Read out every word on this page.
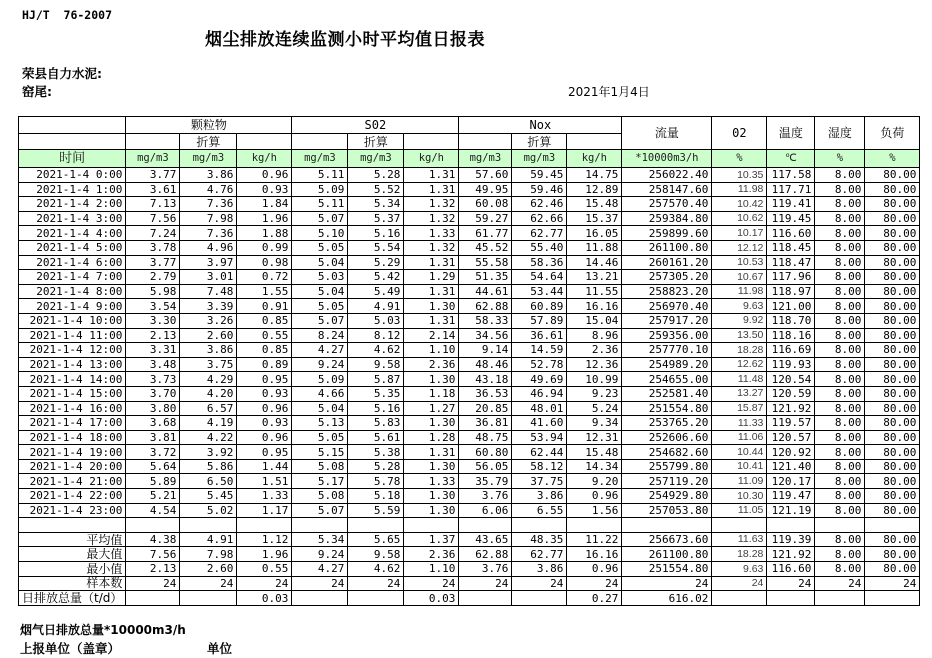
HJ/T  76-2007
烟尘排放连续监测小时平均值日报表
荣县自力水泥:
窑尾:	2021年1月4日
	颗粒物			S02			Nox			流量	02	温度	湿度	负荷
		折算			折算			折算						
时间	mg/m3	mg/m3	kg/h	mg/m3	mg/m3	kg/h	mg/m3	mg/m3	kg/h	*10000m3/h	%	℃	%	%
2021-1-4 0:00	3.77	3.86	0.96	5.11	5.28	1.31	57.60	59.45	14.75	256022.40	10.35	117.58	8.00	80.00
2021-1-4 1:00	3.61	4.76	0.93	5.09	5.52	1.31	49.95	59.46	12.89	258147.60	11.98	117.71	8.00	80.00
2021-1-4 2:00	7.13	7.36	1.84	5.11	5.34	1.32	60.08	62.46	15.48	257570.40	10.42	119.41	8.00	80.00
2021-1-4 3:00	7.56	7.98	1.96	5.07	5.37	1.32	59.27	62.66	15.37	259384.80	10.62	119.45	8.00	80.00
2021-1-4 4:00	7.24	7.36	1.88	5.10	5.16	1.33	61.77	62.77	16.05	259899.60	10.17	116.60	8.00	80.00
2021-1-4 5:00	3.78	4.96	0.99	5.05	5.54	1.32	45.52	55.40	11.88	261100.80	12.12	118.45	8.00	80.00
2021-1-4 6:00	3.77	3.97	0.98	5.04	5.29	1.31	55.58	58.36	14.46	260161.20	10.53	118.47	8.00	80.00
2021-1-4 7:00	2.79	3.01	0.72	5.03	5.42	1.29	51.35	54.64	13.21	257305.20	10.67	117.96	8.00	80.00
2021-1-4 8:00	5.98	7.48	1.55	5.04	5.49	1.31	44.61	53.44	11.55	258823.20	11.98	118.97	8.00	80.00
2021-1-4 9:00	3.54	3.39	0.91	5.05	4.91	1.30	62.88	60.89	16.16	256970.40	9.63	121.00	8.00	80.00
2021-1-4 10:00	3.30	3.26	0.85	5.07	5.03	1.31	58.33	57.89	15.04	257917.20	9.92	118.70	8.00	80.00
2021-1-4 11:00	2.13	2.60	0.55	8.24	8.12	2.14	34.56	36.61	8.96	259356.00	13.50	118.16	8.00	80.00
2021-1-4 12:00	3.31	3.86	0.85	4.27	4.62	1.10	9.14	14.59	2.36	257770.10	18.28	116.69	8.00	80.00
2021-1-4 13:00	3.48	3.75	0.89	9.24	9.58	2.36	48.46	52.78	12.36	254989.20	12.62	119.93	8.00	80.00
2021-1-4 14:00	3.73	4.29	0.95	5.09	5.87	1.30	43.18	49.69	10.99	254655.00	11.48	120.54	8.00	80.00
2021-1-4 15:00	3.70	4.20	0.93	4.66	5.35	1.18	36.53	46.94	9.23	252581.40	13.27	120.59	8.00	80.00
2021-1-4 16:00	3.80	6.57	0.96	5.04	5.16	1.27	20.85	48.01	5.24	251554.80	15.87	121.92	8.00	80.00
2021-1-4 17:00	3.68	4.19	0.93	5.13	5.83	1.30	36.81	41.60	9.34	253765.20	11.33	119.57	8.00	80.00
2021-1-4 18:00	3.81	4.22	0.96	5.05	5.61	1.28	48.75	53.94	12.31	252606.60	11.06	120.57	8.00	80.00
2021-1-4 19:00	3.72	3.92	0.95	5.15	5.38	1.31	60.80	62.44	15.48	254682.60	10.44	120.92	8.00	80.00
2021-1-4 20:00	5.64	5.86	1.44	5.08	5.28	1.30	56.05	58.12	14.34	255799.80	10.41	121.40	8.00	80.00
2021-1-4 21:00	5.89	6.50	1.51	5.17	5.78	1.33	35.79	37.75	9.20	257119.20	11.09	120.17	8.00	80.00
2021-1-4 22:00	5.21	5.45	1.33	5.08	5.18	1.30	3.76	3.86	0.96	254929.80	10.30	119.47	8.00	80.00
2021-1-4 23:00	4.54	5.02	1.17	5.07	5.59	1.30	6.06	6.55	1.56	257053.80	11.05	121.19	8.00	80.00

平均值	4.38	4.91	1.12	5.34	5.65	1.37	43.65	48.35	11.22	256673.60	11.63	119.39	8.00	80.00
最大值	7.56	7.98	1.96	9.24	9.58	2.36	62.88	62.77	16.16	261100.80	18.28	121.92	8.00	80.00
最小值	2.13	2.60	0.55	4.27	4.62	1.10	3.76	3.86	0.96	251554.80	9.63	116.60	8.00	80.00
样本数	24	24	24	24	24	24	24	24	24	24	24	24	24	24
日排放总量（t/d）			0.03			0.03			0.27	616.02				
烟气日排放总量*10000m3/h
上报单位（盖章）	单位
